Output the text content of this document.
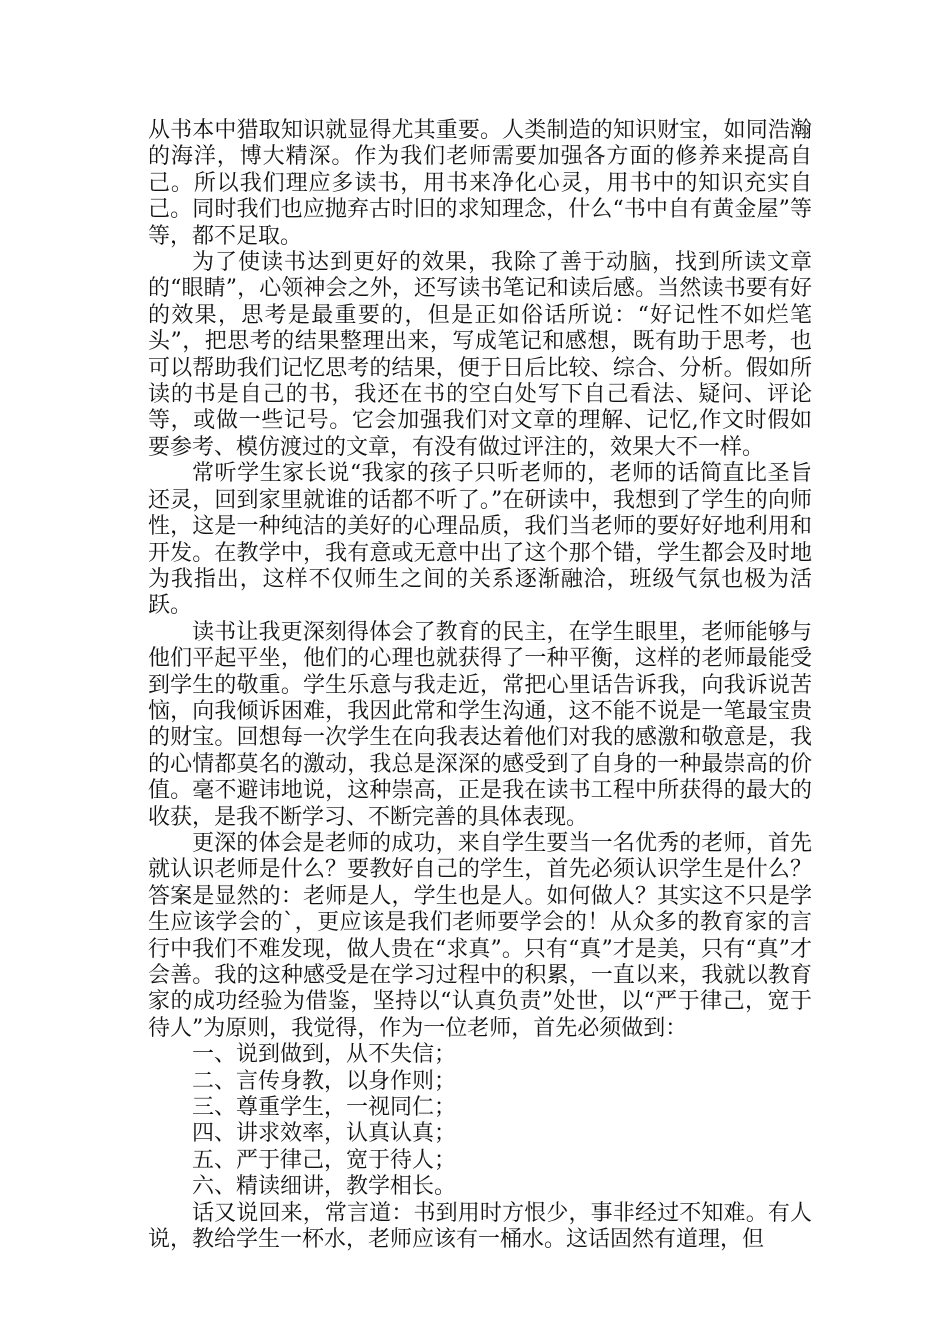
从书本中猎取知识就显得尤其重要。人类制造的知识财宝，如同浩瀚的海洋，博大精深。作为我们老师需要加强各方面的修养来提高自己。所以我们理应多读书，用书来净化心灵，用书中的知识充实自己。同时我们也应抛弃古时旧的求知理念，什么“书中自有黄金屋”等等，都不足取。

为了使读书达到更好的效果，我除了善于动脑，找到所读文章的“眼睛”，心领神会之外，还写读书笔记和读后感。当然读书要有好的效果，思考是最重要的，但是正如俗话所说：“好记性不如烂笔头”，把思考的结果整理出来，写成笔记和感想，既有助于思考，也可以帮助我们记忆思考的结果，便于日后比较、综合、分析。假如所读的书是自己的书，我还在书的空白处写下自己看法、疑问、评论等，或做一些记号。它会加强我们对文章的理解、记忆,作文时假如要参考、模仿渡过的文章，有没有做过评注的，效果大不一样。

常听学生家长说“我家的孩子只听老师的，老师的话简直比圣旨还灵，回到家里就谁的话都不听了。”在研读中，我想到了学生的向师性，这是一种纯洁的美好的心理品质，我们当老师的要好好地利用和开发。在教学中，我有意或无意中出了这个那个错，学生都会及时地为我指出，这样不仅师生之间的关系逐渐融洽，班级气氛也极为活跃。

读书让我更深刻得体会了教育的民主，在学生眼里，老师能够与他们平起平坐，他们的心理也就获得了一种平衡，这样的老师最能受到学生的敬重。学生乐意与我走近，常把心里话告诉我，向我诉说苦恼，向我倾诉困难，我因此常和学生沟通，这不能不说是一笔最宝贵的财宝。回想每一次学生在向我表达着他们对我的感激和敬意是，我的心情都莫名的激动，我总是深深的感受到了自身的一种最崇高的价值。毫不避讳地说，这种崇高，正是我在读书工程中所获得的最大的收获，是我不断学习、不断完善的具体表现。

更深的体会是老师的成功，来自学生要当一名优秀的老师，首先就认识老师是什么？要教好自己的学生，首先必须认识学生是什么？答案是显然的：老师是人，学生也是人。如何做人？其实这不只是学生应该学会的`，更应该是我们老师要学会的！从众多的教育家的言行中我们不难发现，做人贵在“求真”。只有“真”才是美，只有“真”才会善。我的这种感受是在学习过程中的积累，一直以来，我就以教育家的成功经验为借鉴，坚持以“认真负责”处世，以“严于律己，宽于待人”为原则，我觉得，作为一位老师，首先必须做到：

一、说到做到，从不失信；

二、言传身教，以身作则；

三、尊重学生，一视同仁；

四、讲求效率，认真认真；

五、严于律己，宽于待人；

六、精读细讲，教学相长。

话又说回来，常言道：书到用时方恨少，事非经过不知难。有人说，教给学生一杯水，老师应该有一桶水。这话固然有道理，但
